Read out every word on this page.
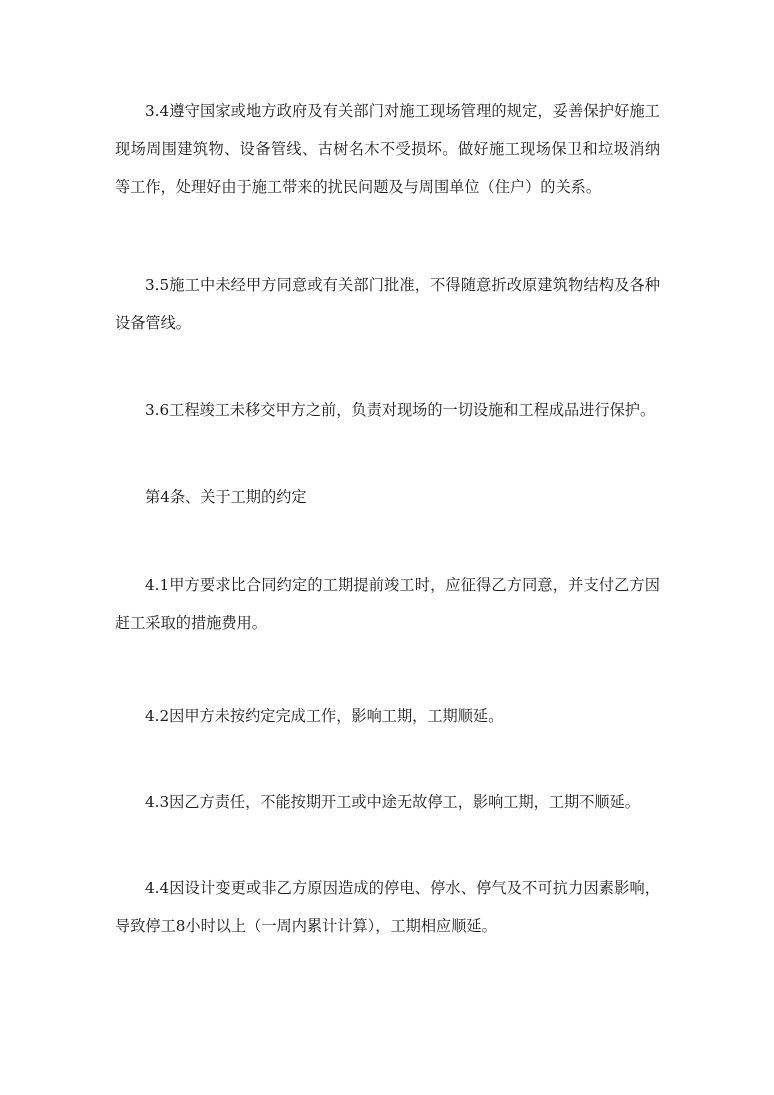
3.4遵守国家或地方政府及有关部门对施工现场管理的规定，妥善保护好施工现场周围建筑物、设备管线、古树名木不受损坏。做好施工现场保卫和垃圾消纳等工作，处理好由于施工带来的扰民问题及与周围单位（住户）的关系。

3.5施工中未经甲方同意或有关部门批准，不得随意折改原建筑物结构及各种设备管线。

3.6工程竣工未移交甲方之前，负责对现场的一切设施和工程成品进行保护。

第4条、关于工期的约定

4.1甲方要求比合同约定的工期提前竣工时，应征得乙方同意，并支付乙方因赶工采取的措施费用。

4.2因甲方未按约定完成工作，影响工期，工期顺延。

4.3因乙方责任，不能按期开工或中途无故停工，影响工期，工期不顺延。

4.4因设计变更或非乙方原因造成的停电、停水、停气及不可抗力因素影响，导致停工8小时以上（一周内累计计算），工期相应顺延。
